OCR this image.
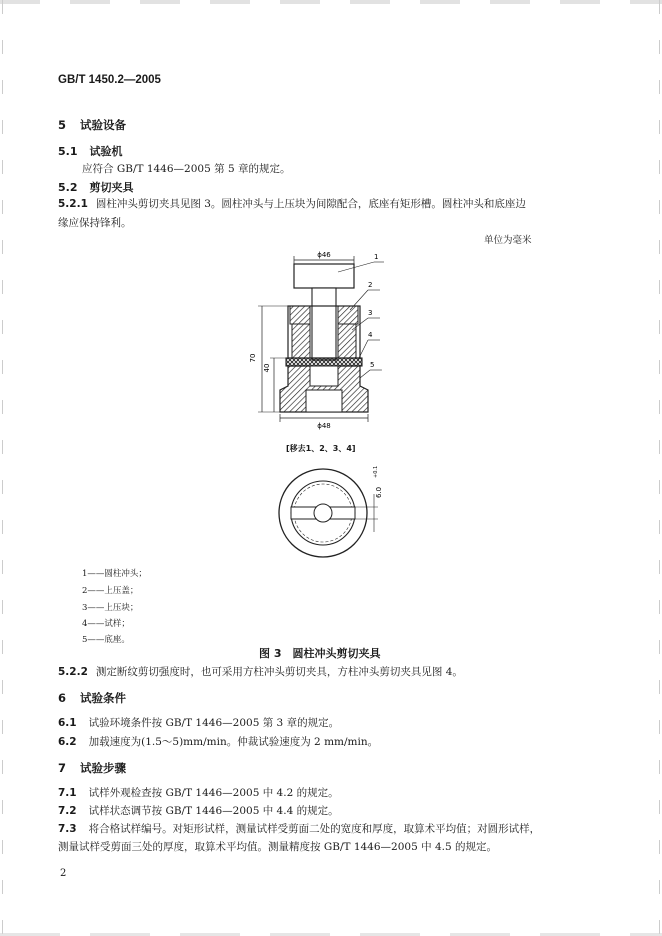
GB/T 1450.2—2005
5 试验设备
5.1 试验机
应符合 GB/T 1446—2005 第 5 章的规定。
5.2 剪切夹具
5.2.1 圆柱冲头剪切夹具见图 3。圆柱冲头与上压块为间隙配合，底座有矩形槽。圆柱冲头和底座边
缘应保持锋利。
单位为毫米
ϕ46
70
40
1
2
3
4
5
ϕ48
[移去1、2、3、4]
6.0
+0.1
1——圆柱冲头；
2——上压盖；
3——上压块；
4——试样；
5——底座。
图 3　圆柱冲头剪切夹具
5.2.2 测定断纹剪切强度时，也可采用方柱冲头剪切夹具，方柱冲头剪切夹具见图 4。
6 试验条件
6.1 试验环境条件按 GB/T 1446—2005 第 3 章的规定。
6.2 加载速度为(1.5～5)mm/min。仲裁试验速度为 2 mm/min。
7 试验步骤
7.1 试样外观检查按 GB/T 1446—2005 中 4.2 的规定。
7.2 试样状态调节按 GB/T 1446—2005 中 4.4 的规定。
7.3 将合格试样编号。对矩形试样，测量试样受剪面二处的宽度和厚度，取算术平均值；对圆形试样，
测量试样受剪面三处的厚度，取算术平均值。测量精度按 GB/T 1446—2005 中 4.5 的规定。
2
